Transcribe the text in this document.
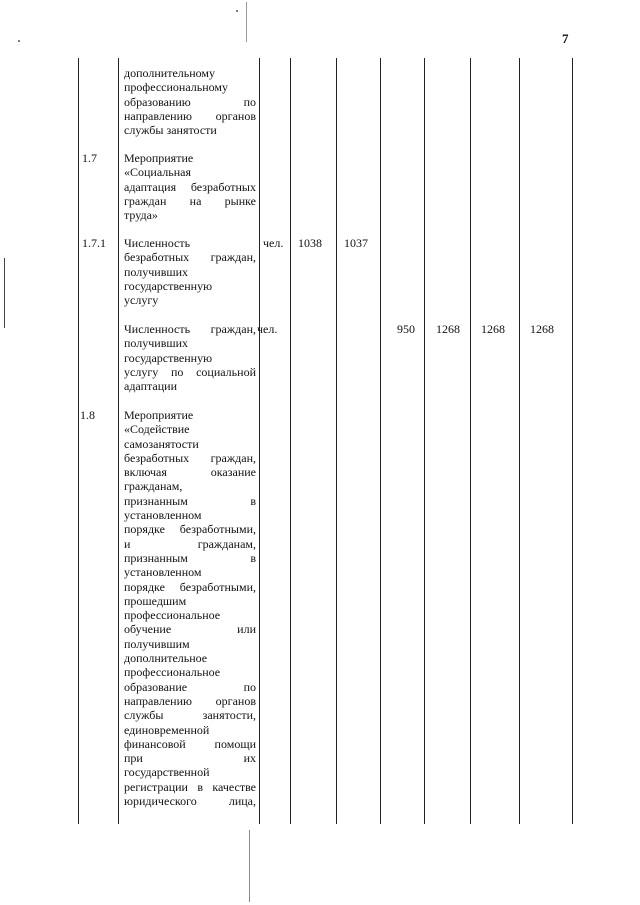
7
дополнительному
профессиональному
образованию по
направлению органов
службы занятости
1.7 Мероприятие
«Социальная
адаптация безработных
граждан на рынке
труда»
1.7.1 Численность
безработных граждан,
получивших
государственную
услугу
чел. 1038 1037
Численность граждан,
получивших
государственную
услугу по социальной
адаптации
чел.	950 1268 1268 1268
1.8 Мероприятие
«Содействие
самозанятости
безработных граждан,
включая оказание
гражданам,
признанным в
установленном
порядке безработными,
и гражданам,
признанным в
установленном
порядке безработными,
прошедшим
профессиональное
обучение или
получившим
дополнительное
профессиональное
образование по
направлению органов
службы занятости,
единовременной
финансовой помощи
при их
государственной
регистрации в качестве
юридического лица,
